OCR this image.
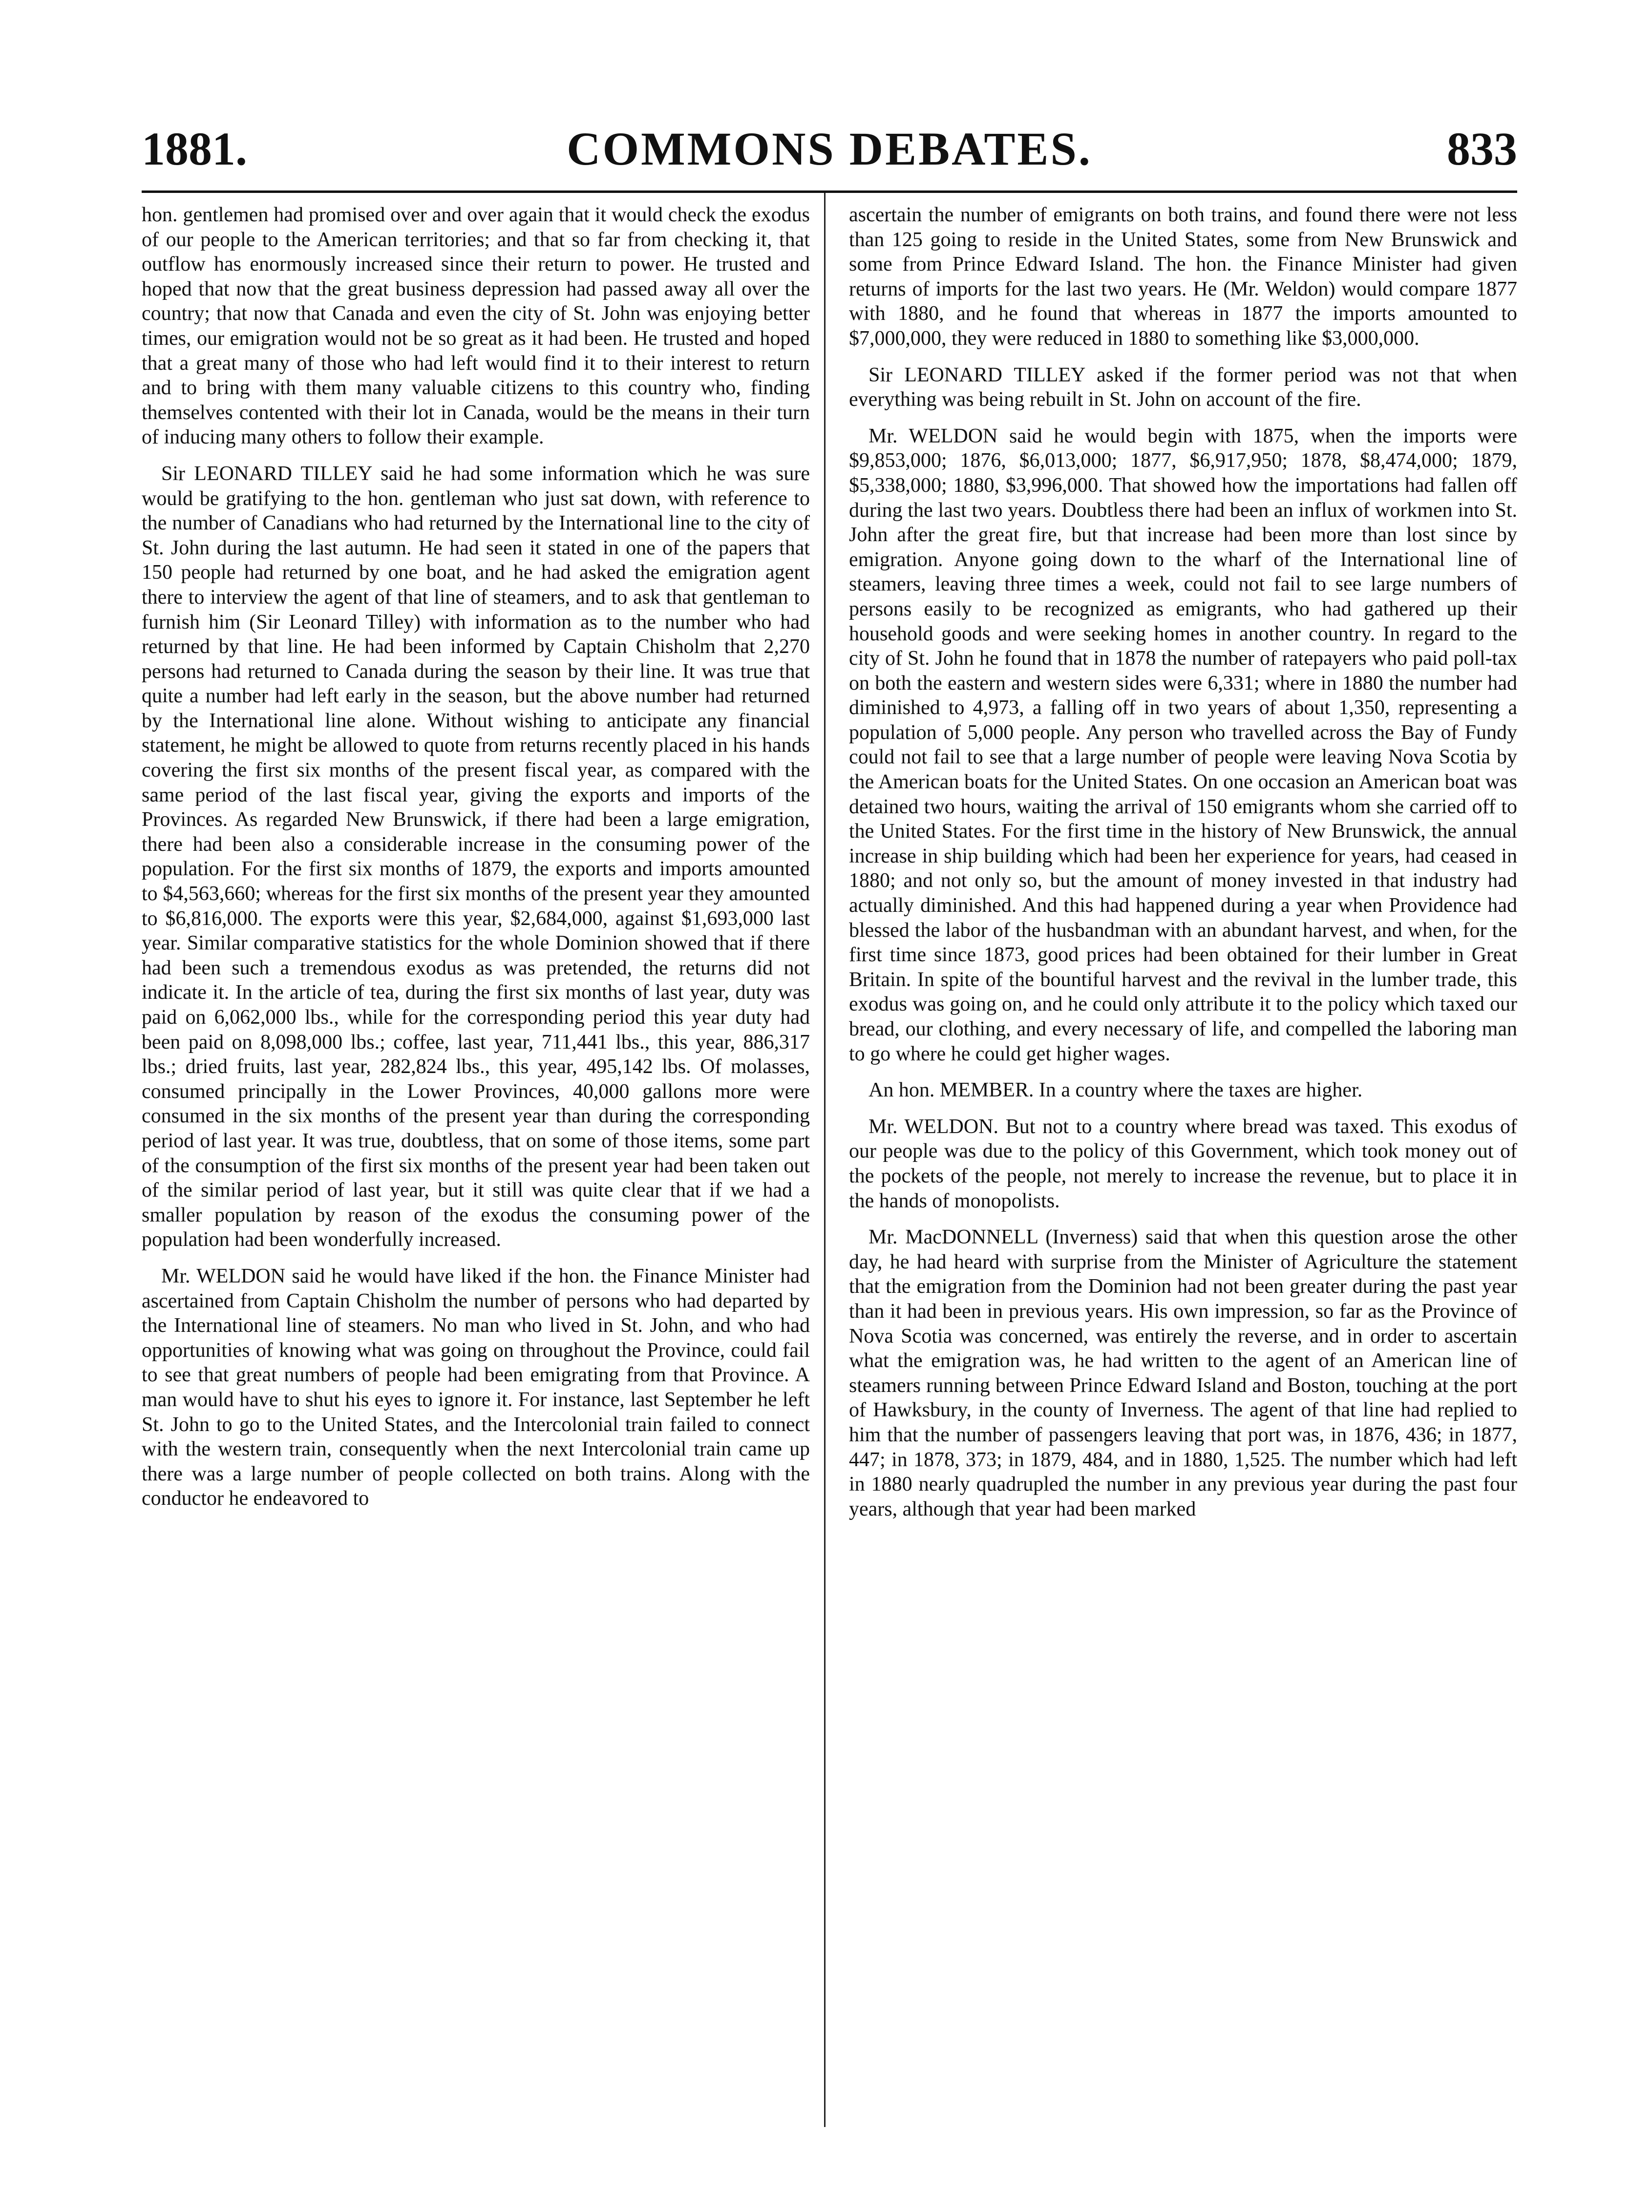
1881.	COMMONS DEBATES.	833

hon. gentlemen had promised over and over again that it would check the exodus of our people to the American territories; and that so far from checking it, that outflow has enormously increased since their return to power. He trusted and hoped that now that the great business depression had passed away all over the country; that now that Canada and even the city of St. John was enjoying better times, our emigration would not be so great as it had been. He trusted and hoped that a great many of those who had left would find it to their interest to return and to bring with them many valuable citizens to this country who, finding themselves contented with their lot in Canada, would be the means in their turn of inducing many others to follow their example.

Sir LEONARD TILLEY said he had some information which he was sure would be gratifying to the hon. gentleman who just sat down, with reference to the number of Canadians who had returned by the International line to the city of St. John during the last autumn. He had seen it stated in one of the papers that 150 people had returned by one boat, and he had asked the emigration agent there to interview the agent of that line of steamers, and to ask that gentleman to furnish him (Sir Leonard Tilley) with information as to the number who had returned by that line. He had been informed by Captain Chisholm that 2,270 persons had returned to Canada during the season by their line. It was true that quite a number had left early in the season, but the above number had returned by the International line alone. Without wishing to anticipate any financial statement, he might be allowed to quote from returns recently placed in his hands covering the first six months of the present fiscal year, as compared with the same period of the last fiscal year, giving the exports and imports of the Provinces. As regarded New Brunswick, if there had been a large emigration, there had been also a considerable increase in the consuming power of the population. For the first six months of 1879, the exports and imports amounted to $4,563,660; whereas for the first six months of the present year they amounted to $6,816,000. The exports were this year, $2,684,000, against $1,693,000 last year. Similar comparative statistics for the whole Dominion showed that if there had been such a tremendous exodus as was pretended, the returns did not indicate it. In the article of tea, during the first six months of last year, duty was paid on 6,062,000 lbs., while for the corresponding period this year duty had been paid on 8,098,000 lbs.; coffee, last year, 711,441 lbs., this year, 886,317 lbs.; dried fruits, last year, 282,824 lbs., this year, 495,142 lbs. Of molasses, consumed principally in the Lower Provinces, 40,000 gallons more were consumed in the six months of the present year than during the corresponding period of last year. It was true, doubtless, that on some of those items, some part of the consumption of the first six months of the present year had been taken out of the similar period of last year, but it still was quite clear that if we had a smaller population by reason of the exodus the consuming power of the population had been wonderfully increased.

Mr. WELDON said he would have liked if the hon. the Finance Minister had ascertained from Captain Chisholm the number of persons who had departed by the International line of steamers. No man who lived in St. John, and who had opportunities of knowing what was going on throughout the Province, could fail to see that great numbers of people had been emigrating from that Province. A man would have to shut his eyes to ignore it. For instance, last September he left St. John to go to the United States, and the Intercolonial train failed to connect with the western train, consequently when the next Intercolonial train came up there was a large number of people collected on both trains. Along with the conductor he endeavored to

ascertain the number of emigrants on both trains, and found there were not less than 125 going to reside in the United States, some from New Brunswick and some from Prince Edward Island. The hon. the Finance Minister had given returns of imports for the last two years. He (Mr. Weldon) would compare 1877 with 1880, and he found that whereas in 1877 the imports amounted to $7,000,000, they were reduced in 1880 to something like $3,000,000.

Sir LEONARD TILLEY asked if the former period was not that when everything was being rebuilt in St. John on account of the fire.

Mr. WELDON said he would begin with 1875, when the imports were $9,853,000; 1876, $6,013,000; 1877, $6,917,950; 1878, $8,474,000; 1879, $5,338,000; 1880, $3,996,000. That showed how the importations had fallen off during the last two years. Doubtless there had been an influx of workmen into St. John after the great fire, but that increase had been more than lost since by emigration. Anyone going down to the wharf of the International line of steamers, leaving three times a week, could not fail to see large numbers of persons easily to be recognized as emigrants, who had gathered up their household goods and were seeking homes in another country. In regard to the city of St. John he found that in 1878 the number of ratepayers who paid poll-tax on both the eastern and western sides were 6,331; where in 1880 the number had diminished to 4,973, a falling off in two years of about 1,350, representing a population of 5,000 people. Any person who travelled across the Bay of Fundy could not fail to see that a large number of people were leaving Nova Scotia by the American boats for the United States. On one occasion an American boat was detained two hours, waiting the arrival of 150 emigrants whom she carried off to the United States. For the first time in the history of New Brunswick, the annual increase in ship building which had been her experience for years, had ceased in 1880; and not only so, but the amount of money invested in that industry had actually diminished. And this had happened during a year when Providence had blessed the labor of the husbandman with an abundant harvest, and when, for the first time since 1873, good prices had been obtained for their lumber in Great Britain. In spite of the bountiful harvest and the revival in the lumber trade, this exodus was going on, and he could only attribute it to the policy which taxed our bread, our clothing, and every necessary of life, and compelled the laboring man to go where he could get higher wages.

An hon. MEMBER. In a country where the taxes are higher.

Mr. WELDON. But not to a country where bread was taxed. This exodus of our people was due to the policy of this Government, which took money out of the pockets of the people, not merely to increase the revenue, but to place it in the hands of monopolists.

Mr. MacDONNELL (Inverness) said that when this question arose the other day, he had heard with surprise from the Minister of Agriculture the statement that the emigration from the Dominion had not been greater during the past year than it had been in previous years. His own impression, so far as the Province of Nova Scotia was concerned, was entirely the reverse, and in order to ascertain what the emigration was, he had written to the agent of an American line of steamers running between Prince Edward Island and Boston, touching at the port of Hawksbury, in the county of Inverness. The agent of that line had replied to him that the number of passengers leaving that port was, in 1876, 436; in 1877, 447; in 1878, 373; in 1879, 484, and in 1880, 1,525. The number which had left in 1880 nearly quadrupled the number in any previous year during the past four years, although that year had been marked
